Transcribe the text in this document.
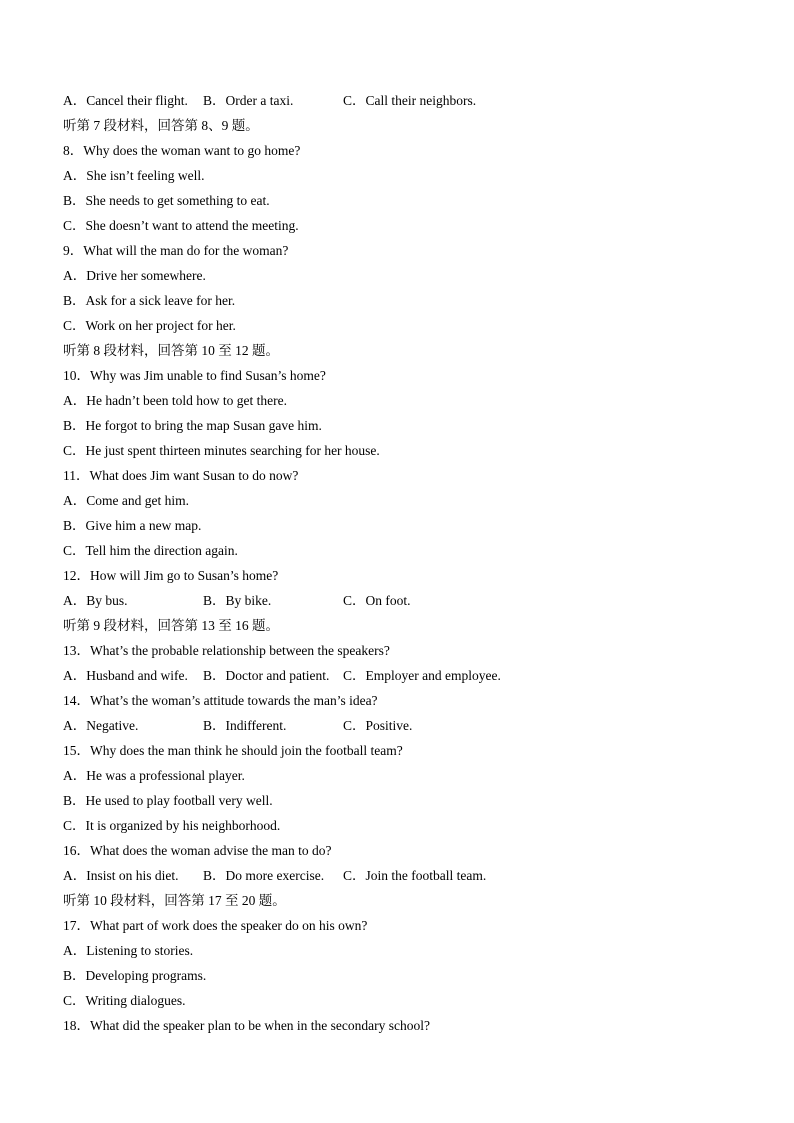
A．Cancel their flight.	B．Order a taxi.	C．Call their neighbors.
听第 7 段材料，回答第 8、9 题。
8．Why does the woman want to go home?
A．She isn’t feeling well.
B．She needs to get something to eat.
C．She doesn’t want to attend the meeting.
9．What will the man do for the woman?
A．Drive her somewhere.
B．Ask for a sick leave for her.
C．Work on her project for her.
听第 8 段材料，回答第 10 至 12 题。
10．Why was Jim unable to find Susan’s home?
A．He hadn’t been told how to get there.
B．He forgot to bring the map Susan gave him.
C．He just spent thirteen minutes searching for her house.
11．What does Jim want Susan to do now?
A．Come and get him.
B．Give him a new map.
C．Tell him the direction again.
12．How will Jim go to Susan’s home?
A．By bus.	B．By bike.	C．On foot.
听第 9 段材料，回答第 13 至 16 题。
13．What’s the probable relationship between the speakers?
A．Husband and wife.	B．Doctor and patient.	C．Employer and employee.
14．What’s the woman’s attitude towards the man’s idea?
A．Negative.	B．Indifferent.	C．Positive.
15．Why does the man think he should join the football team?
A．He was a professional player.
B．He used to play football very well.
C．It is organized by his neighborhood.
16．What does the woman advise the man to do?
A．Insist on his diet.	B．Do more exercise.	C．Join the football team.
听第 10 段材料，回答第 17 至 20 题。
17．What part of work does the speaker do on his own?
A．Listening to stories.
B．Developing programs.
C．Writing dialogues.
18．What did the speaker plan to be when in the secondary school?
